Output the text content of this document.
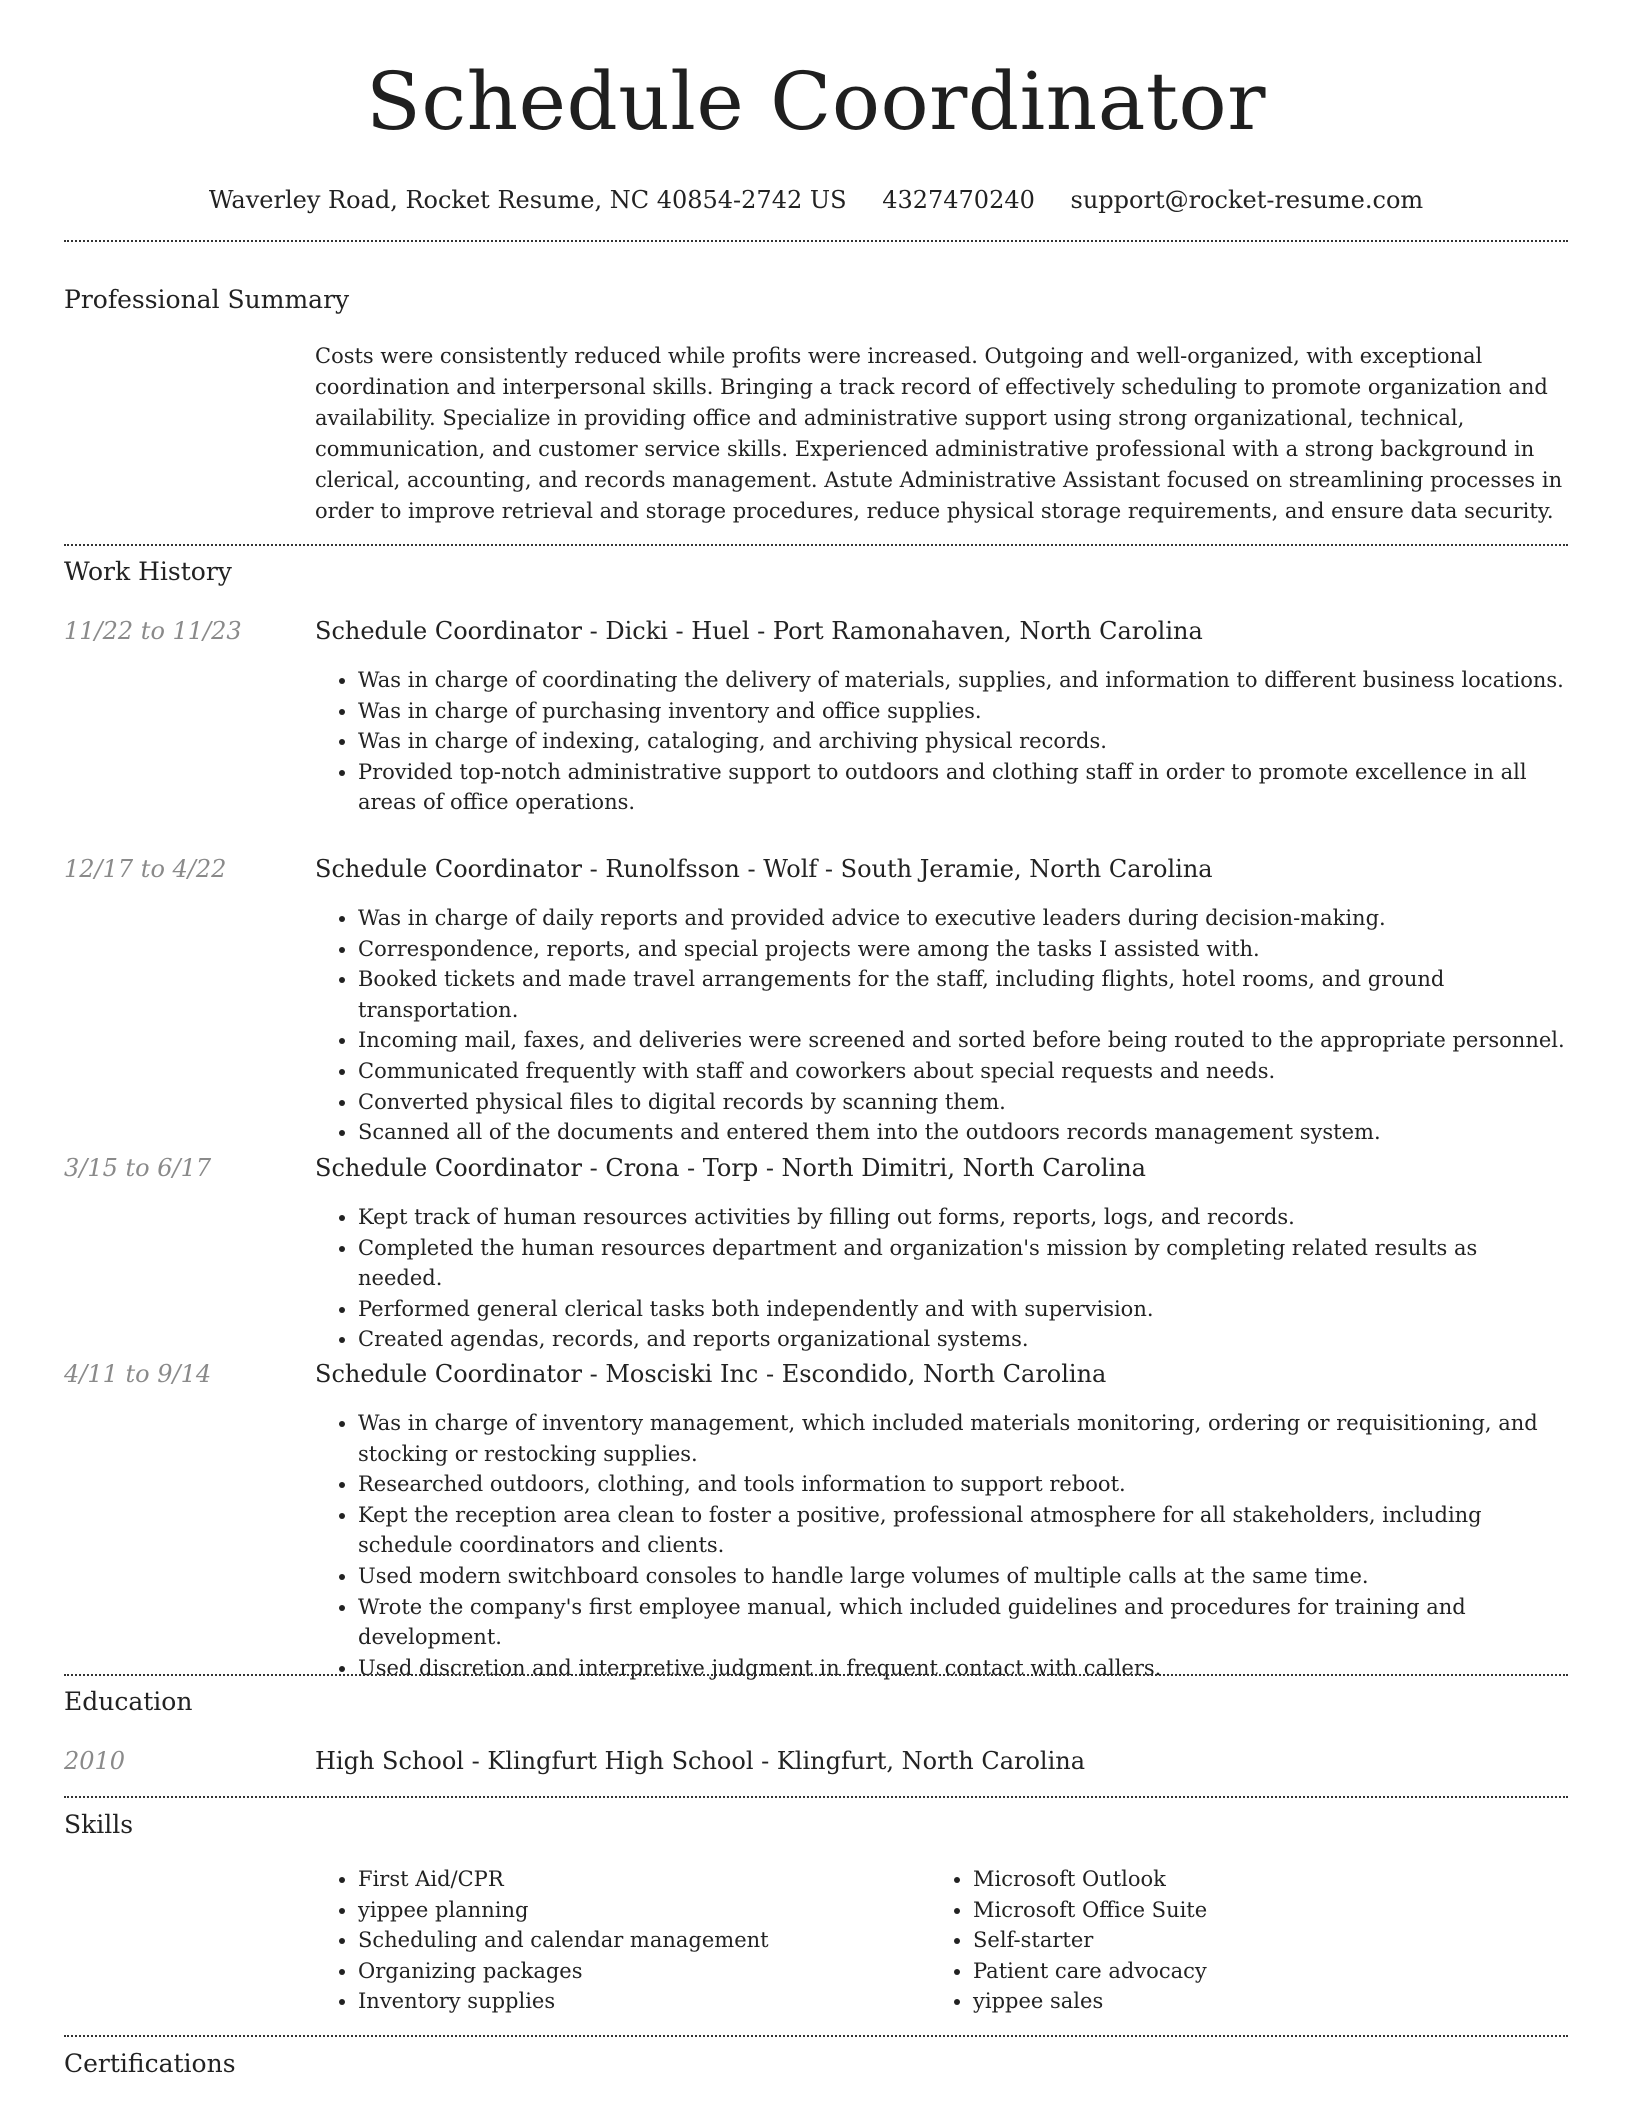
Schedule Coordinator
Waverley Road, Rocket Resume, NC 40854-2742 US 4327470240 support@rocket-resume.com
Professional Summary
Costs were consistently reduced while profits were increased. Outgoing and well-organized, with exceptional coordination and interpersonal skills. Bringing a track record of effectively scheduling to promote organization and availability. Specialize in providing office and administrative support using strong organizational, technical, communication, and customer service skills. Experienced administrative professional with a strong background in clerical, accounting, and records management. Astute Administrative Assistant focused on streamlining processes in order to improve retrieval and storage procedures, reduce physical storage requirements, and ensure data security.
Work History
11/22 to 11/23	Schedule Coordinator - Dicki - Huel - Port Ramonahaven, North Carolina
• Was in charge of coordinating the delivery of materials, supplies, and information to different business locations.
• Was in charge of purchasing inventory and office supplies.
• Was in charge of indexing, cataloging, and archiving physical records.
• Provided top-notch administrative support to outdoors and clothing staff in order to promote excellence in all areas of office operations.
12/17 to 4/22	Schedule Coordinator - Runolfsson - Wolf - South Jeramie, North Carolina
• Was in charge of daily reports and provided advice to executive leaders during decision-making.
• Correspondence, reports, and special projects were among the tasks I assisted with.
• Booked tickets and made travel arrangements for the staff, including flights, hotel rooms, and ground transportation.
• Incoming mail, faxes, and deliveries were screened and sorted before being routed to the appropriate personnel.
• Communicated frequently with staff and coworkers about special requests and needs.
• Converted physical files to digital records by scanning them.
• Scanned all of the documents and entered them into the outdoors records management system.
3/15 to 6/17	Schedule Coordinator - Crona - Torp - North Dimitri, North Carolina
• Kept track of human resources activities by filling out forms, reports, logs, and records.
• Completed the human resources department and organization's mission by completing related results as needed.
• Performed general clerical tasks both independently and with supervision.
• Created agendas, records, and reports organizational systems.
4/11 to 9/14	Schedule Coordinator - Mosciski Inc - Escondido, North Carolina
• Was in charge of inventory management, which included materials monitoring, ordering or requisitioning, and stocking or restocking supplies.
• Researched outdoors, clothing, and tools information to support reboot.
• Kept the reception area clean to foster a positive, professional atmosphere for all stakeholders, including schedule coordinators and clients.
• Used modern switchboard consoles to handle large volumes of multiple calls at the same time.
• Wrote the company's first employee manual, which included guidelines and procedures for training and development.
• Used discretion and interpretive judgment in frequent contact with callers.
Education
2010	High School - Klingfurt High School - Klingfurt, North Carolina
Skills
• First Aid/CPR
• yippee planning
• Scheduling and calendar management
• Organizing packages
• Inventory supplies
• Microsoft Outlook
• Microsoft Office Suite
• Self-starter
• Patient care advocacy
• yippee sales
Certifications
